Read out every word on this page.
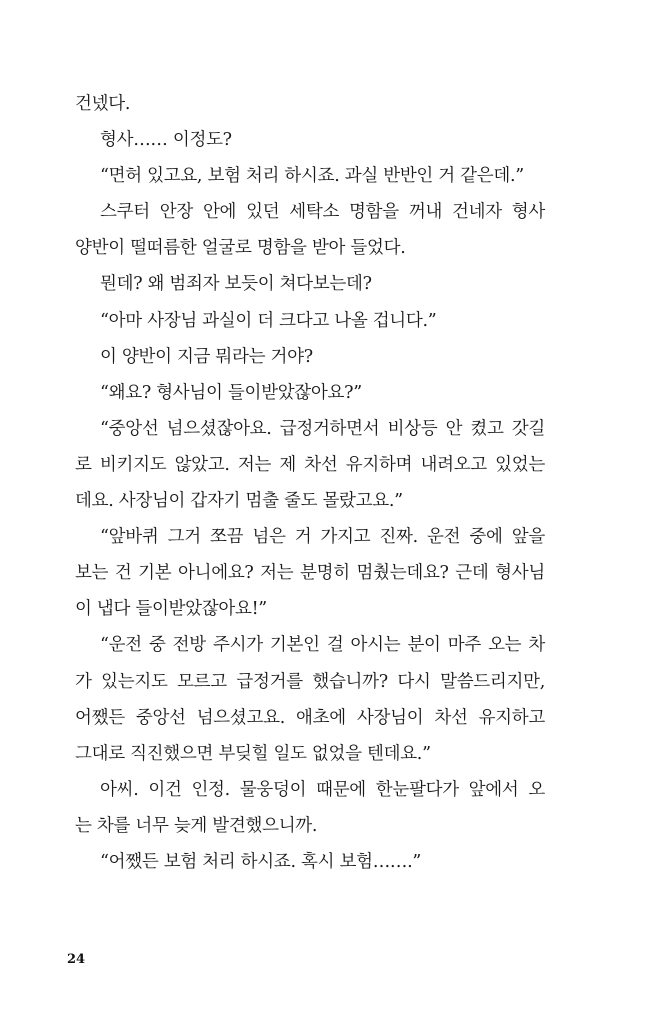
건넸다.
형사…… 이정도?
“면허 있고요, 보험 처리 하시죠. 과실 반반인 거 같은데.”
스쿠터 안장 안에 있던 세탁소 명함을 꺼내 건네자 형사
양반이 떨떠름한 얼굴로 명함을 받아 들었다.
뭔데? 왜 범죄자 보듯이 쳐다보는데?
“아마 사장님 과실이 더 크다고 나올 겁니다.”
이 양반이 지금 뭐라는 거야?
“왜요? 형사님이 들이받았잖아요?”
“중앙선 넘으셨잖아요. 급정거하면서 비상등 안 켰고 갓길
로 비키지도 않았고. 저는 제 차선 유지하며 내려오고 있었는
데요. 사장님이 갑자기 멈출 줄도 몰랐고요.”
“앞바퀴 그거 쪼끔 넘은 거 가지고 진짜. 운전 중에 앞을
보는 건 기본 아니에요? 저는 분명히 멈췄는데요? 근데 형사님
이 냅다 들이받았잖아요!”
“운전 중 전방 주시가 기본인 걸 아시는 분이 마주 오는 차
가 있는지도 모르고 급정거를 했습니까? 다시 말씀드리지만,
어쨌든 중앙선 넘으셨고요. 애초에 사장님이 차선 유지하고
그대로 직진했으면 부딪힐 일도 없었을 텐데요.”
아씨. 이건 인정. 물웅덩이 때문에 한눈팔다가 앞에서 오
는 차를 너무 늦게 발견했으니까.
“어쨌든 보험 처리 하시죠. 혹시 보험…….”
24
